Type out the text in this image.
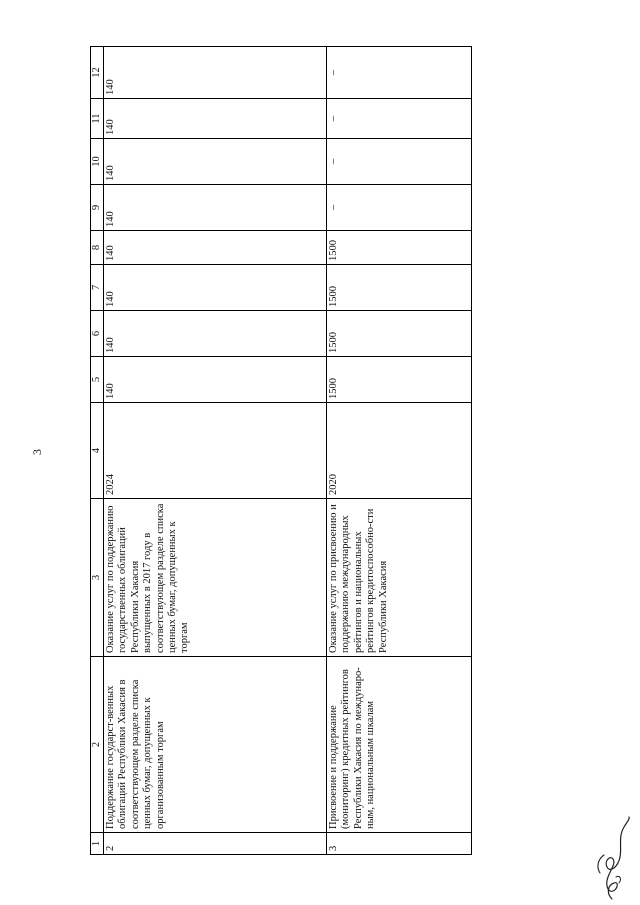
3
1	2	3	4	5	6	7	8	9	10	11	12
2	Поддержание государст-венных облигаций Республики Хакасия в соответствующем разделе списка ценных бумаг, допущенных к организованным торгам	Оказание услуг по поддержанию государственных облигаций Республики Хакасия выпущенных в 2017 году в соответствующем разделе списка ценных бумаг, допущенных к торгам	2024	140	140	140	140	140	140	140	140
3	Присвоение и поддержание (мониторинг) кредитных рейтингов Республики Хакасия по междунаро-ным, национальным шкалам	Оказание услуг по присвоению и поддержанию международных рейтингов и национальных рейтингов кредитоспособно-сти Республики Хакасия	2020	1500	1500	1500	1500	–	–	–	–
